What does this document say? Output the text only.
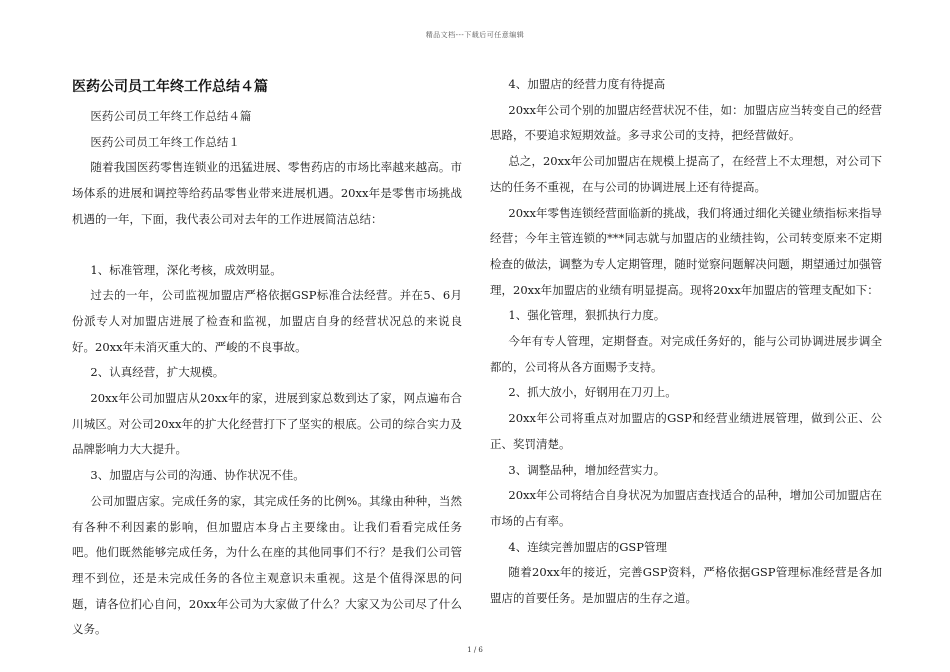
精品文档---下载后可任意编辑
医药公司员工年终工作总结４篇

医药公司员工年终工作总结４篇

医药公司员工年终工作总结１

随着我国医药零售连锁业的迅猛进展、零售药店的市场比率越来越高。市场体系的进展和调控等给药品零售业带来进展机遇。20xx年是零售市场挑战机遇的一年，下面，我代表公司对去年的工作进展简洁总结：

1、标准管理，深化考核，成效明显。

过去的一年，公司监视加盟店严格依据GSP标准合法经营。并在5、6月份派专人对加盟店进展了检查和监视，加盟店自身的经营状况总的来说良好。20xx年未消灭重大的、严峻的不良事故。

2、认真经营，扩大规模。

20xx年公司加盟店从20xx年的家，进展到家总数到达了家，网点遍布合川城区。对公司20xx年的扩大化经营打下了坚实的根底。公司的综合实力及品牌影响力大大提升。

3、加盟店与公司的沟通、协作状况不佳。

公司加盟店家。完成任务的家，其完成任务的比例%。其缘由种种，当然有各种不利因素的影响，但加盟店本身占主要缘由。让我们看看完成任务吧。他们既然能够完成任务，为什么在座的其他同事们不行？是我们公司管理不到位，还是未完成任务的各位主观意识未重视。这是个值得深思的问题，请各位扪心自问，20xx年公司为大家做了什么？大家又为公司尽了什么义务。

4、加盟店的经营力度有待提高

20xx年公司个别的加盟店经营状况不佳，如：加盟店应当转变自己的经营思路，不要追求短期效益。多寻求公司的支持，把经营做好。

总之，20xx年公司加盟店在规模上提高了，在经营上不太理想，对公司下达的任务不重视，在与公司的协调进展上还有待提高。

20xx年零售连锁经营面临新的挑战，我们将通过细化关键业绩指标来指导经营；今年主管连锁的***同志就与加盟店的业绩挂钩，公司转变原来不定期检查的做法，调整为专人定期管理，随时觉察问题解决问题，期望通过加强管理，20xx年加盟店的业绩有明显提高。现将20xx年加盟店的管理支配如下：

1、强化管理，狠抓执行力度。

今年有专人管理，定期督查。对完成任务好的，能与公司协调进展步调全都的，公司将从各方面赐予支持。

2、抓大放小，好钢用在刀刃上。

20xx年公司将重点对加盟店的GSP和经营业绩进展管理，做到公正、公正、奖罚清楚。

3、调整品种，增加经营实力。

20xx年公司将结合自身状况为加盟店查找适合的品种，增加公司加盟店在市场的占有率。

4、连续完善加盟店的GSP管理

随着20xx年的接近，完善GSP资料，严格依据GSP管理标准经营是各加盟店的首要任务。是加盟店的生存之道。

1 / 6
